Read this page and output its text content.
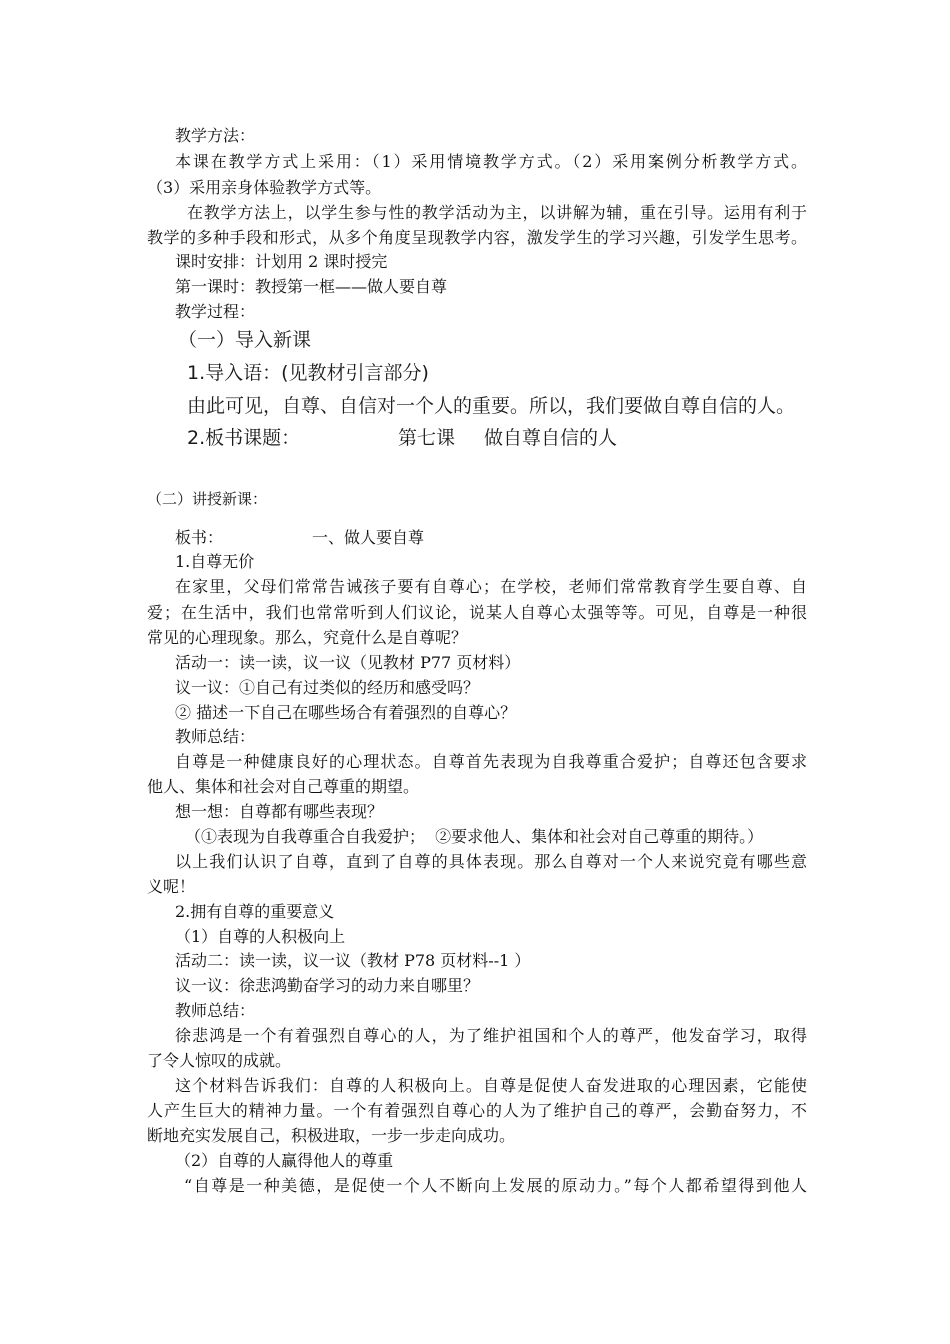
教学方法：
本课在教学方式上采用：（1）采用情境教学方式。（2）采用案例分析教学方式。
（3）采用亲身体验教学方式等。
在教学方法上，以学生参与性的教学活动为主，以讲解为辅，重在引导。运用有利于
教学的多种手段和形式，从多个角度呈现教学内容，激发学生的学习兴趣，引发学生思考。
课时安排：计划用 2 课时授完
第一课时：教授第一框——做人要自尊
教学过程：
（一）导入新课
1.导入语：(见教材引言部分)
由此可见，自尊、自信对一个人的重要。所以，我们要做自尊自信的人。
2.板书课题：	第七课 做自尊自信的人
（二）讲授新课：
板书：	一、做人要自尊
1.自尊无价
在家里，父母们常常告诫孩子要有自尊心；在学校，老师们常常教育学生要自尊、自
爱；在生活中，我们也常常听到人们议论，说某人自尊心太强等等。可见，自尊是一种很
常见的心理现象。那么，究竟什么是自尊呢？
活动一：读一读，议一议（见教材 P77 页材料）
议一议：①自己有过类似的经历和感受吗？
② 描述一下自己在哪些场合有着强烈的自尊心？
教师总结：
自尊是一种健康良好的心理状态。自尊首先表现为自我尊重合爱护；自尊还包含要求
他人、集体和社会对自己尊重的期望。
想一想：自尊都有哪些表现？
（①表现为自我尊重合自我爱护；  ②要求他人、集体和社会对自己尊重的期待。）
以上我们认识了自尊，直到了自尊的具体表现。那么自尊对一个人来说究竟有哪些意
义呢！
2.拥有自尊的重要意义
（1）自尊的人积极向上
活动二：读一读，议一议（教材 P78 页材料--1 ）
议一议：徐悲鸿勤奋学习的动力来自哪里？
教师总结：
徐悲鸿是一个有着强烈自尊心的人，为了维护祖国和个人的尊严，他发奋学习，取得
了令人惊叹的成就。
这个材料告诉我们：自尊的人积极向上。自尊是促使人奋发进取的心理因素，它能使
人产生巨大的精神力量。一个有着强烈自尊心的人为了维护自己的尊严，会勤奋努力，不
断地充实发展自己，积极进取，一步一步走向成功。
（2）自尊的人赢得他人的尊重
“自尊是一种美德，是促使一个人不断向上发展的原动力。”每个人都希望得到他人
